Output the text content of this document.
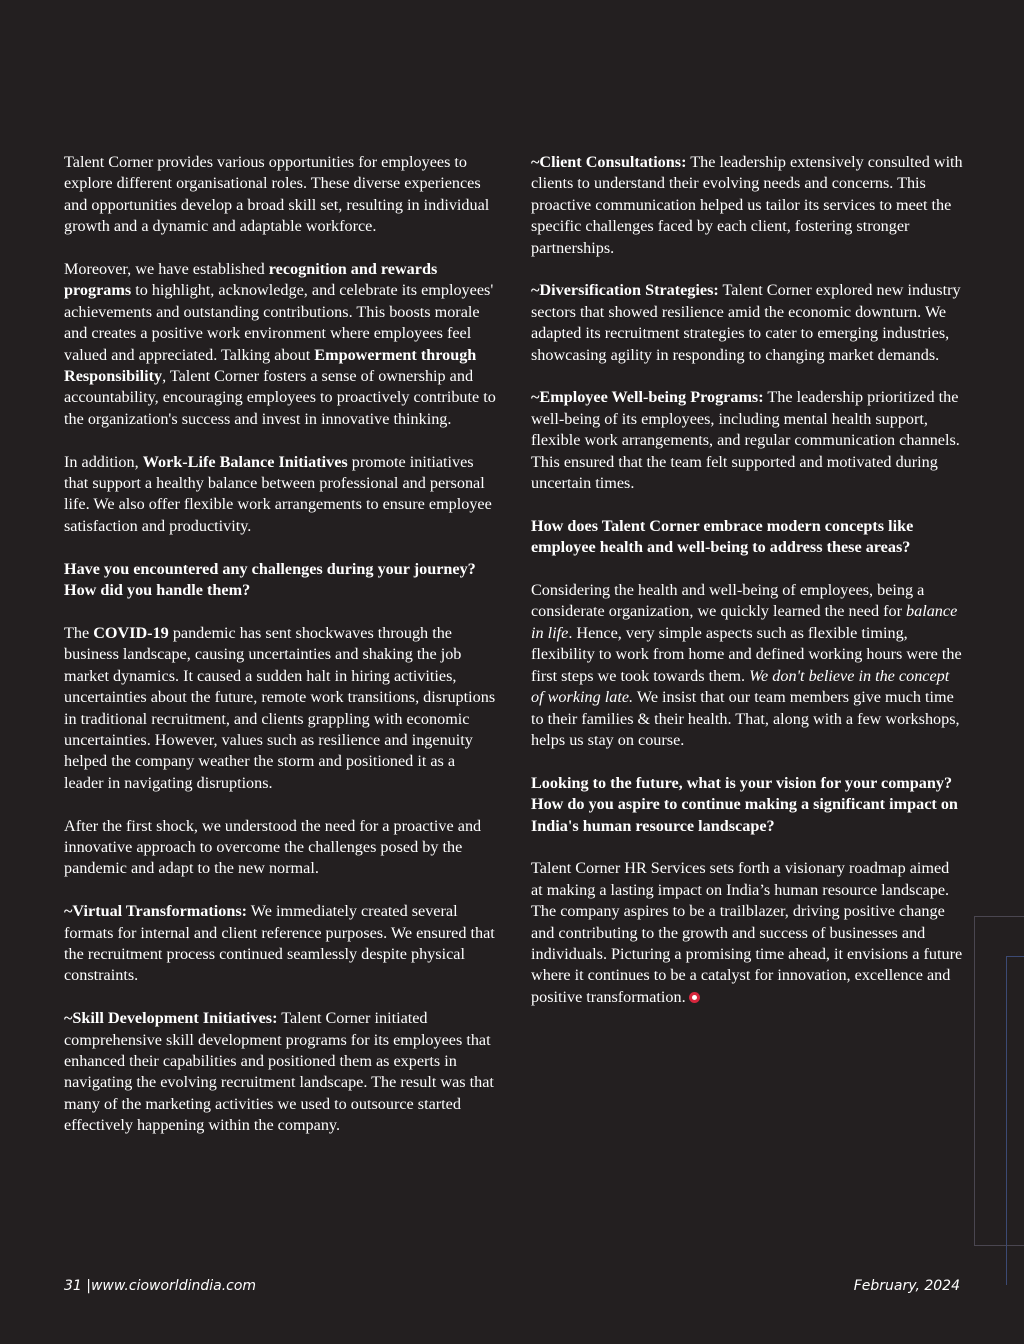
Talent Corner provides various opportunities for employees to explore different organisational roles. These diverse experiences and opportunities develop a broad skill set, resulting in individual growth and a dynamic and adaptable workforce.

Moreover, we have established recognition and rewards programs to highlight, acknowledge, and celebrate its employees' achievements and outstanding contributions. This boosts morale and creates a positive work environment where employees feel valued and appreciated. Talking about Empowerment through Responsibility, Talent Corner fosters a sense of ownership and accountability, encouraging employees to proactively contribute to the organization's success and invest in innovative thinking.

In addition, Work-Life Balance Initiatives promote initiatives that support a healthy balance between professional and personal life. We also offer flexible work arrangements to ensure employee satisfaction and productivity.

Have you encountered any challenges during your journey? How did you handle them?

The COVID-19 pandemic has sent shockwaves through the business landscape, causing uncertainties and shaking the job market dynamics. It caused a sudden halt in hiring activities, uncertainties about the future, remote work transitions, disruptions in traditional recruitment, and clients grappling with economic uncertainties. However, values such as resilience and ingenuity helped the company weather the storm and positioned it as a leader in navigating disruptions.

After the first shock, we understood the need for a proactive and innovative approach to overcome the challenges posed by the pandemic and adapt to the new normal.

~Virtual Transformations: We immediately created several formats for internal and client reference purposes. We ensured that the recruitment process continued seamlessly despite physical constraints.

~Skill Development Initiatives: Talent Corner initiated comprehensive skill development programs for its employees that enhanced their capabilities and positioned them as experts in navigating the evolving recruitment landscape. The result was that many of the marketing activities we used to outsource started effectively happening within the company.

~Client Consultations: The leadership extensively consulted with clients to understand their evolving needs and concerns. This proactive communication helped us tailor its services to meet the specific challenges faced by each client, fostering stronger partnerships.

~Diversification Strategies: Talent Corner explored new industry sectors that showed resilience amid the economic downturn. We adapted its recruitment strategies to cater to emerging industries, showcasing agility in responding to changing market demands.

~Employee Well-being Programs: The leadership prioritized the well-being of its employees, including mental health support, flexible work arrangements, and regular communication channels. This ensured that the team felt supported and motivated during uncertain times.

How does Talent Corner embrace modern concepts like employee health and well-being to address these areas?

Considering the health and well-being of employees, being a considerate organization, we quickly learned the need for balance in life. Hence, very simple aspects such as flexible timing, flexibility to work from home and defined working hours were the first steps we took towards them. We don't believe in the concept of working late. We insist that our team members give much time to their families & their health. That, along with a few workshops, helps us stay on course.

Looking to the future, what is your vision for your company? How do you aspire to continue making a significant impact on India's human resource landscape?

Talent Corner HR Services sets forth a visionary roadmap aimed at making a lasting impact on India’s human resource landscape. The company aspires to be a trailblazer, driving positive change and contributing to the growth and success of businesses and individuals. Picturing a promising time ahead, it envisions a future where it continues to be a catalyst for innovation, excellence and positive transformation.

31 |www.cioworldindia.com	February, 2024
